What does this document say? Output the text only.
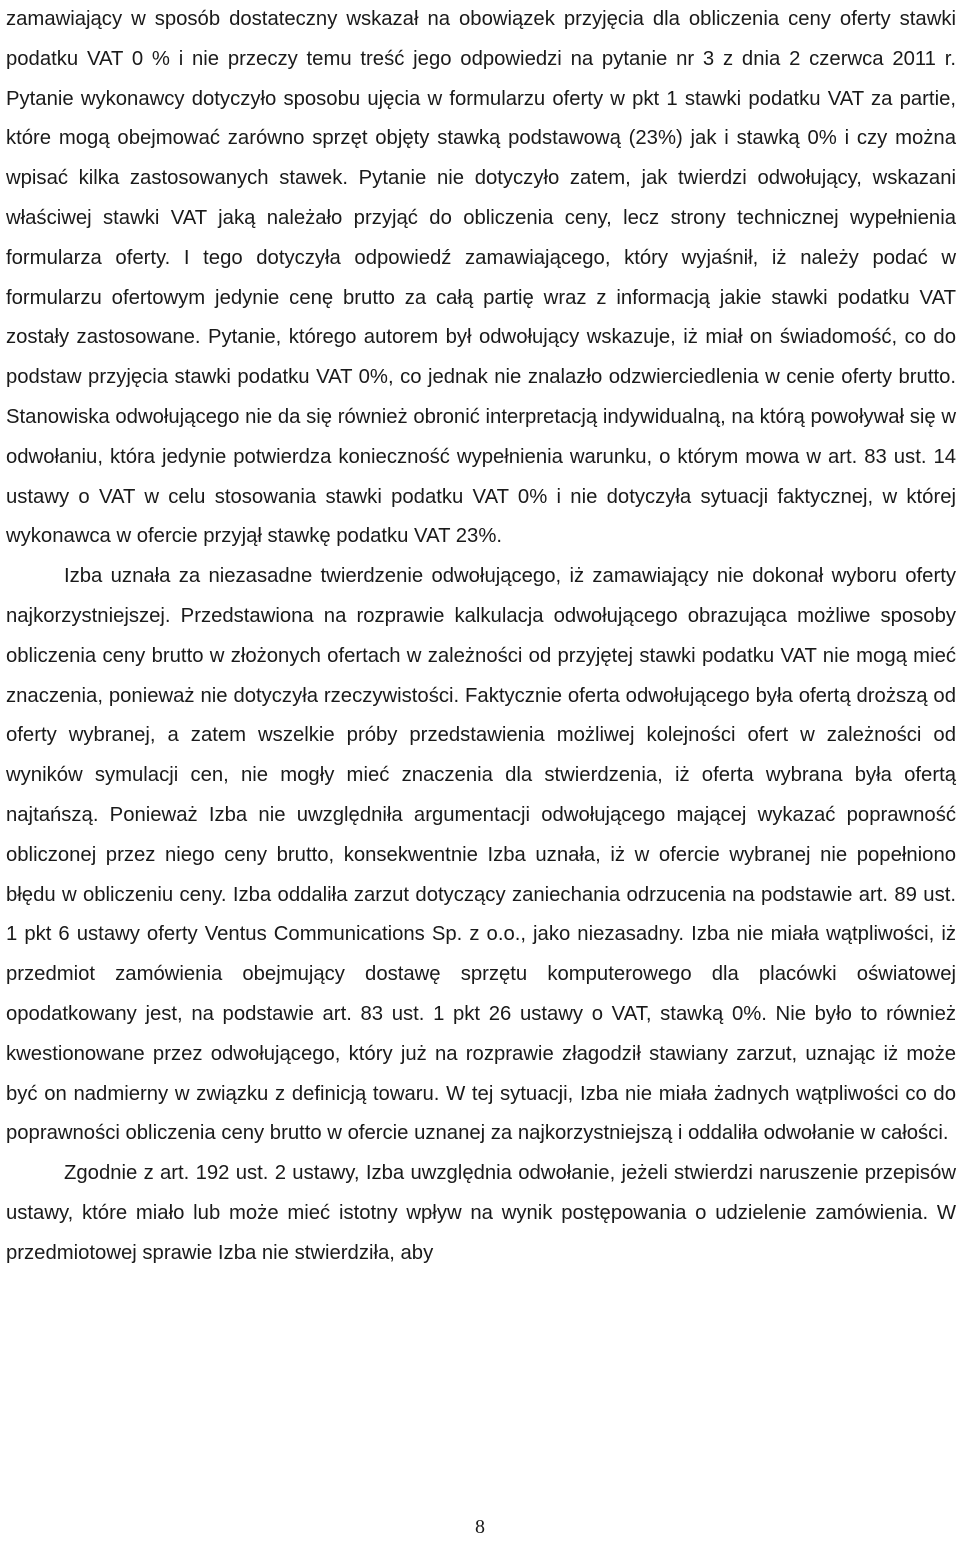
zamawiający w sposób dostateczny wskazał na obowiązek przyjęcia dla obliczenia ceny oferty stawki podatku VAT 0 % i nie przeczy temu treść jego odpowiedzi na pytanie nr 3 z dnia 2 czerwca 2011 r. Pytanie wykonawcy dotyczyło sposobu ujęcia w formularzu oferty w pkt 1 stawki podatku VAT za partie, które mogą obejmować zarówno sprzęt objęty stawką podstawową (23%) jak i stawką 0% i czy można wpisać kilka zastosowanych stawek. Pytanie nie dotyczyło zatem, jak twierdzi odwołujący, wskazani właściwej stawki VAT jaką należało przyjąć do obliczenia ceny, lecz strony technicznej wypełnienia formularza oferty. I tego dotyczyła odpowiedź zamawiającego, który wyjaśnił, iż należy podać w formularzu ofertowym jedynie cenę brutto za całą partię wraz z informacją jakie stawki podatku VAT zostały zastosowane. Pytanie, którego autorem był odwołujący wskazuje, iż miał on świadomość, co do podstaw przyjęcia stawki podatku VAT 0%, co jednak nie znalazło odzwierciedlenia w cenie oferty brutto. Stanowiska odwołującego nie da się również obronić interpretacją indywidualną, na którą powoływał się w odwołaniu, która jedynie potwierdza konieczność wypełnienia warunku, o którym mowa w art. 83 ust. 14 ustawy o VAT w celu stosowania stawki podatku VAT 0% i nie dotyczyła sytuacji faktycznej, w której wykonawca w ofercie przyjął stawkę podatku VAT 23%.

Izba uznała za niezasadne twierdzenie odwołującego, iż zamawiający nie dokonał wyboru oferty najkorzystniejszej. Przedstawiona na rozprawie kalkulacja odwołującego obrazująca możliwe sposoby obliczenia ceny brutto w złożonych ofertach w zależności od przyjętej stawki podatku VAT nie mogą mieć znaczenia, ponieważ nie dotyczyła rzeczywistości. Faktycznie oferta odwołującego była ofertą droższą od oferty wybranej, a zatem wszelkie próby przedstawienia możliwej kolejności ofert w zależności od wyników symulacji cen, nie mogły mieć znaczenia dla stwierdzenia, iż oferta wybrana była ofertą najtańszą. Ponieważ Izba nie uwzględniła argumentacji odwołującego mającej wykazać poprawność obliczonej przez niego ceny brutto, konsekwentnie Izba uznała, iż w ofercie wybranej nie popełniono błędu w obliczeniu ceny. Izba oddaliła zarzut dotyczący zaniechania odrzucenia na podstawie art. 89 ust. 1 pkt 6 ustawy oferty Ventus Communications Sp. z o.o., jako niezasadny. Izba nie miała wątpliwości, iż przedmiot zamówienia obejmujący dostawę sprzętu komputerowego dla placówki oświatowej opodatkowany jest, na podstawie art. 83 ust. 1 pkt 26 ustawy o VAT, stawką 0%. Nie było to również kwestionowane przez odwołującego, który już na rozprawie złagodził stawiany zarzut, uznając iż może być on nadmierny w związku z definicją towaru. W tej sytuacji, Izba nie miała żadnych wątpliwości co do poprawności obliczenia ceny brutto w ofercie uznanej za najkorzystniejszą i oddaliła odwołanie w całości.

Zgodnie z art. 192 ust. 2 ustawy, Izba uwzględnia odwołanie, jeżeli stwierdzi naruszenie przepisów ustawy, które miało lub może mieć istotny wpływ na wynik postępowania o udzielenie zamówienia. W przedmiotowej sprawie Izba nie stwierdziła, aby

8
